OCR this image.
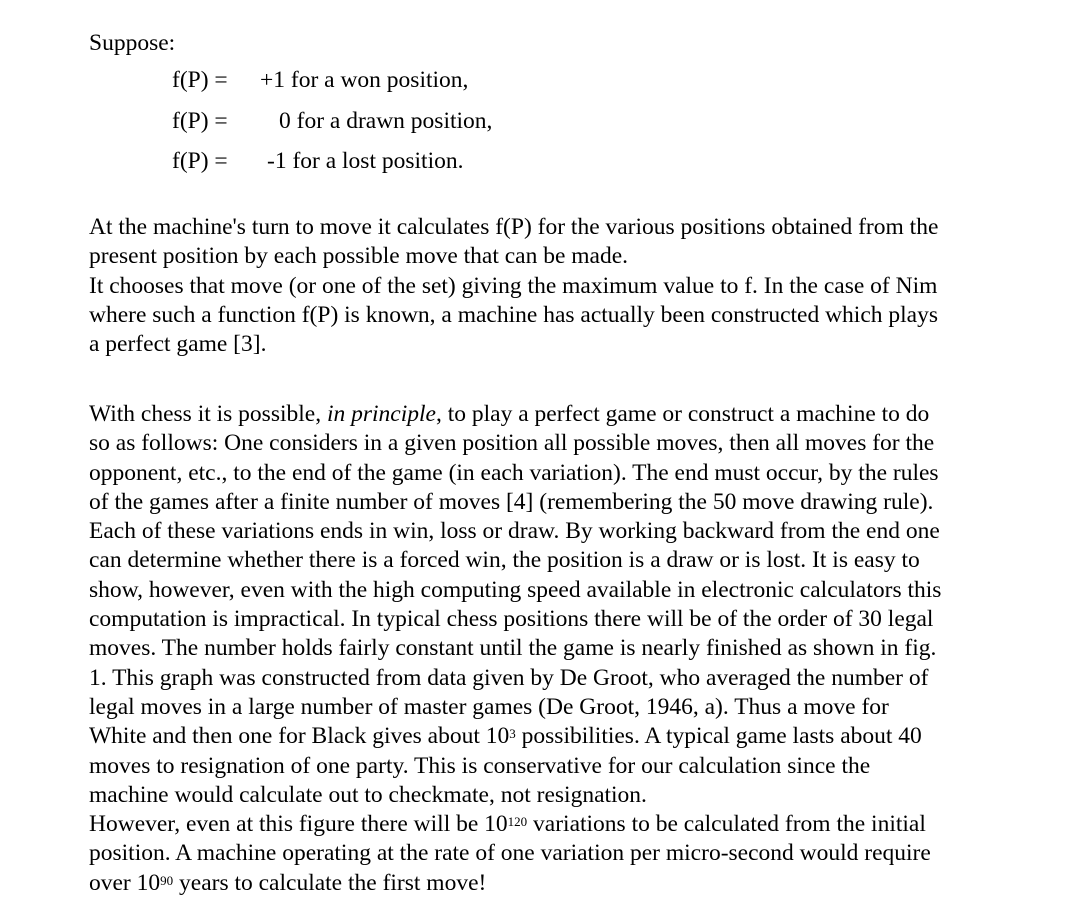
Suppose:

f(P) = +1 for a won position,

f(P) = 0 for a drawn position,

f(P) = -1 for a lost position.

At the machine's turn to move it calculates f(P) for the various positions obtained from the
present position by each possible move that can be made.
It chooses that move (or one of the set) giving the maximum value to f. In the case of Nim
where such a function f(P) is known, a machine has actually been constructed which plays
a perfect game [3].
With chess it is possible, in principle, to play a perfect game or construct a machine to do
so as follows: One considers in a given position all possible moves, then all moves for the
opponent, etc., to the end of the game (in each variation). The end must occur, by the rules
of the games after a finite number of moves [4] (remembering the 50 move drawing rule).
Each of these variations ends in win, loss or draw. By working backward from the end one
can determine whether there is a forced win, the position is a draw or is lost. It is easy to
show, however, even with the high computing speed available in electronic calculators this
computation is impractical. In typical chess positions there will be of the order of 30 legal
moves. The number holds fairly constant until the game is nearly finished as shown in fig.
1. This graph was constructed from data given by De Groot, who averaged the number of
legal moves in a large number of master games (De Groot, 1946, a). Thus a move for
White and then one for Black gives about $10^3$ possibilities. A typical game lasts about 40
moves to resignation of one party. This is conservative for our calculation since the
machine would calculate out to checkmate, not resignation.
However, even at this figure there will be $10^{120}$ variations to be calculated from the initial
position. A machine operating at the rate of one variation per micro-second would require
over $10^{90}$ years to calculate the first move!
